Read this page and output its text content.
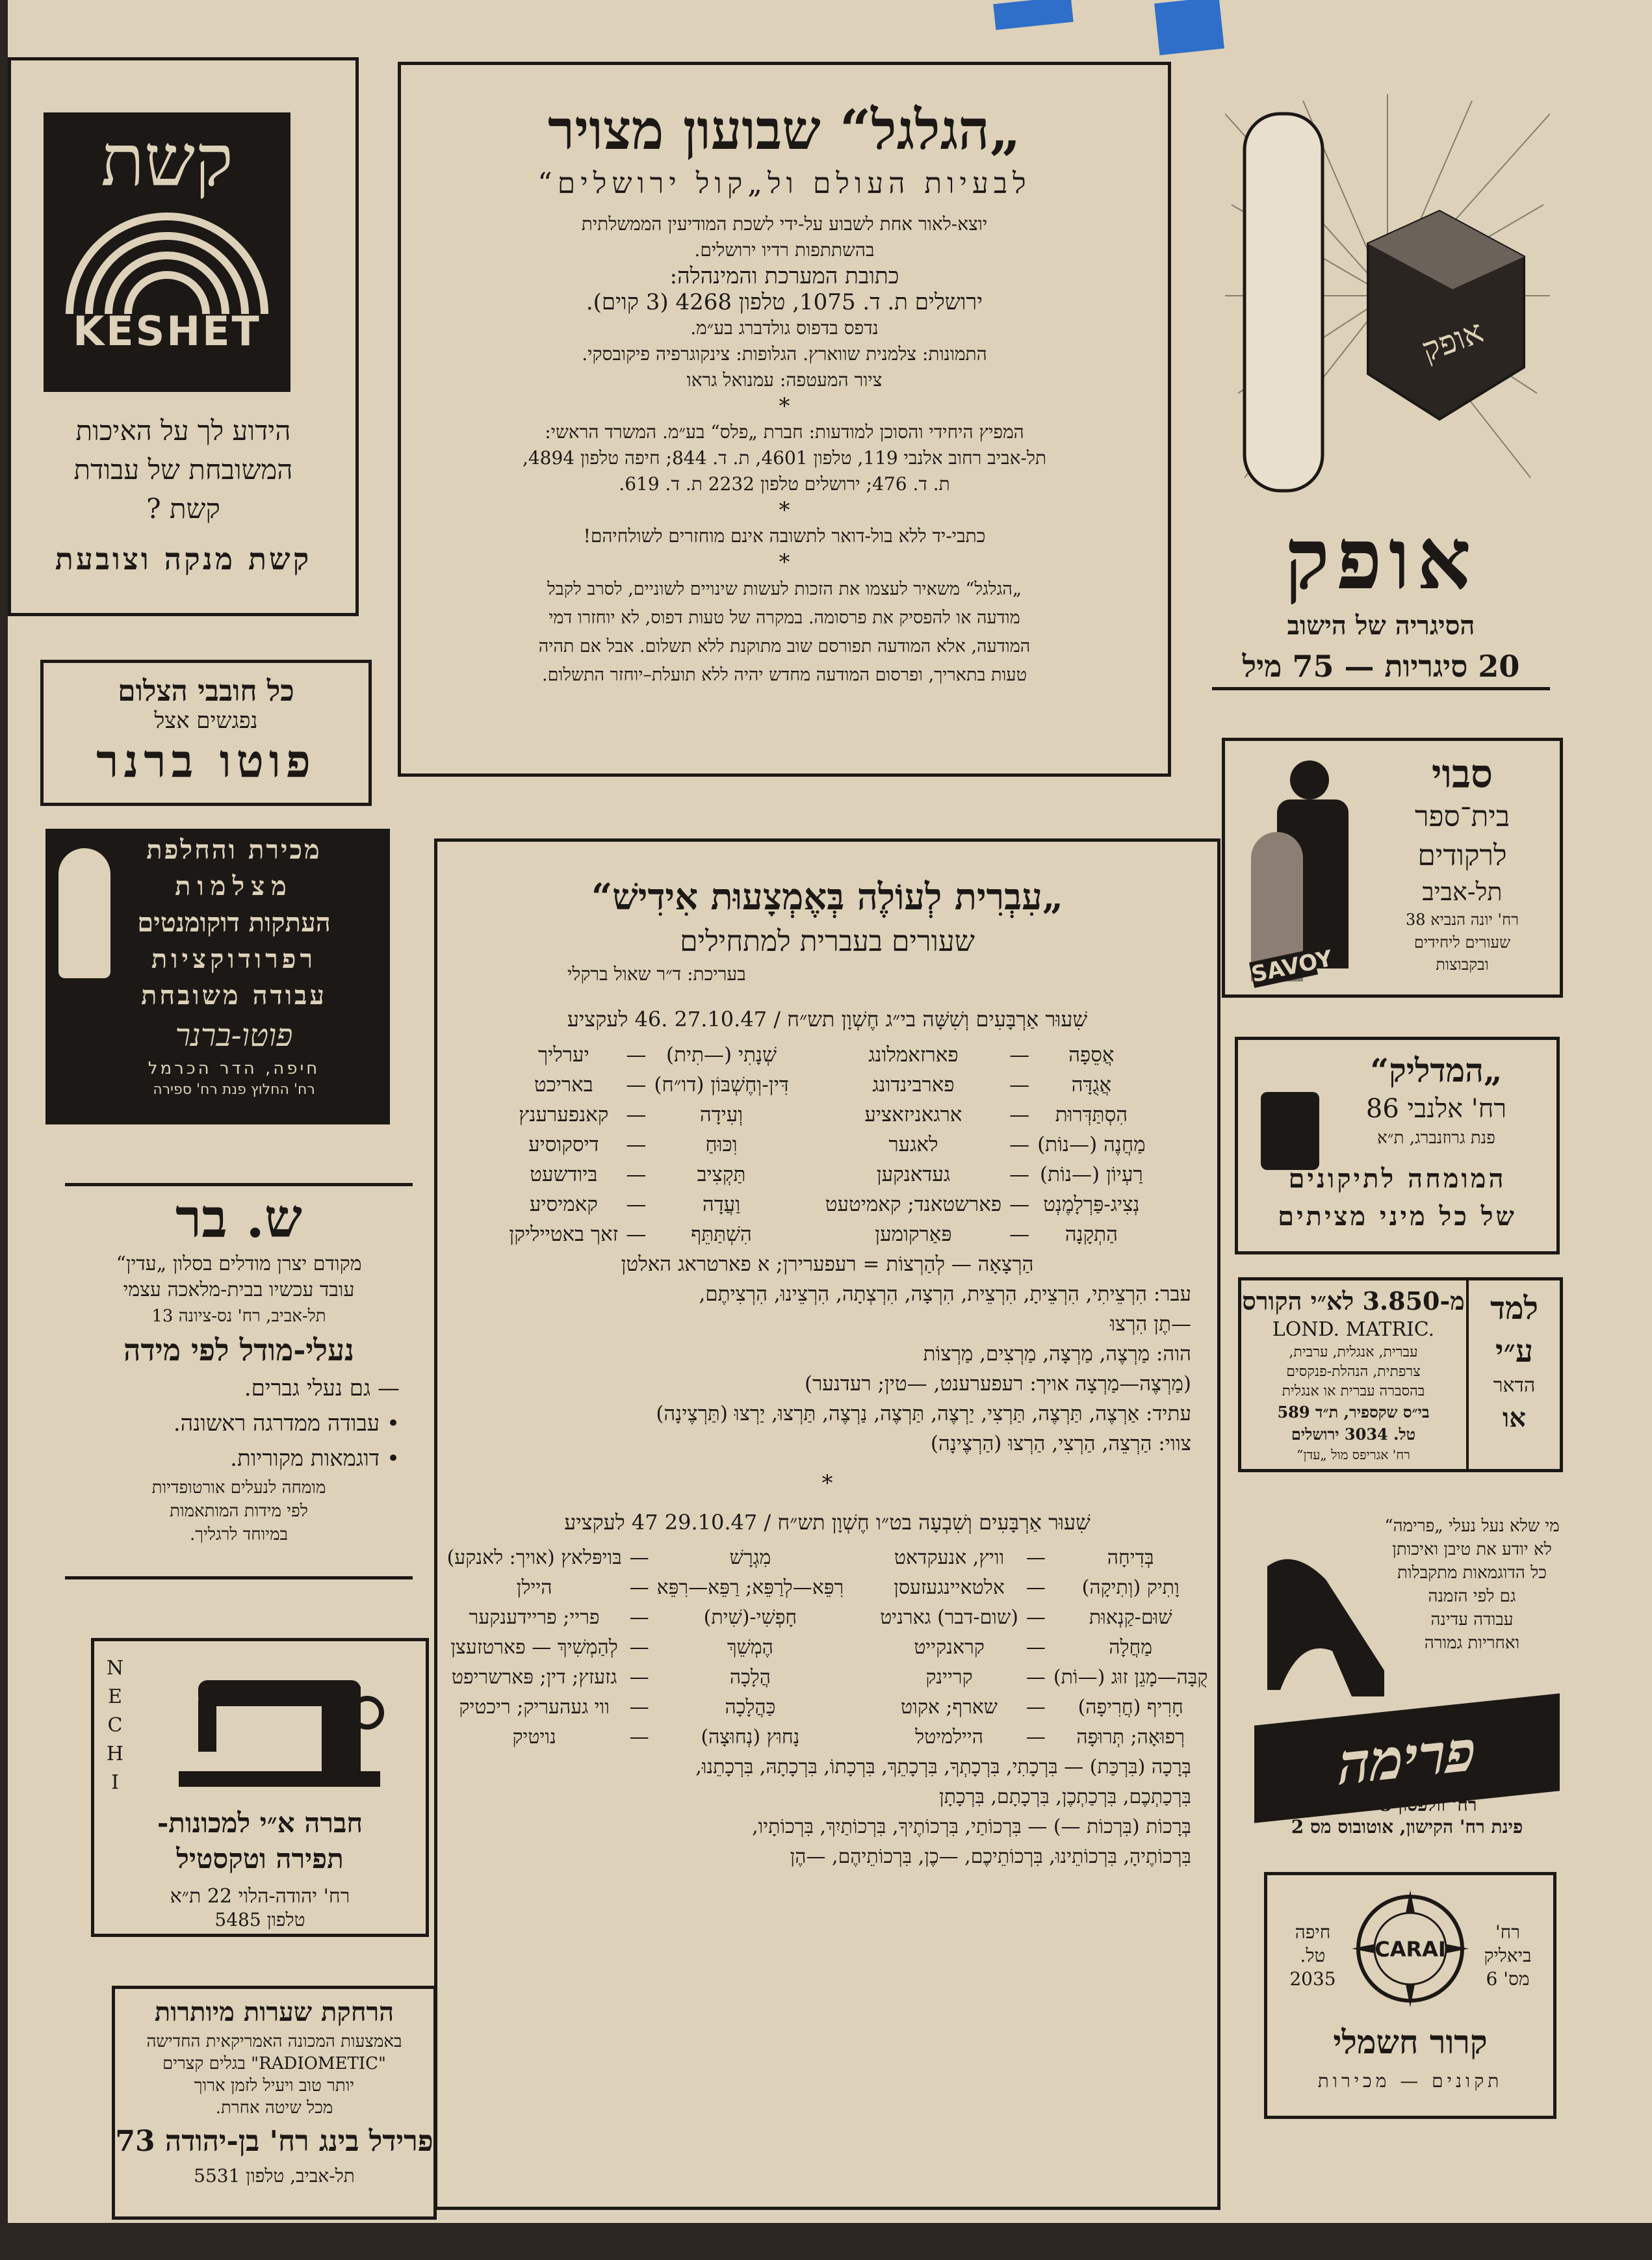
קשת
KESHET
הידוע לך על האיכות
המשובחת של עבודת
קשת ?
קשת מנקה וצובעת
כל חובבי הצלום
נפגשים אצל
פוטו ברנר
מכירת והחלפת
מצלמות
העתקות דוקומנטים
רפרודוקציות
עבודה משובחת
פוטו-ברנר
חיפה, הדר הכרמל
רח' החלוץ פנת רח' ספירה
ש. בר
מקודם יצרן מודלים בסלון „עדין“
עובד עכשיו בבית-מלאכה עצמי
תל-אביב, רח' נס-ציונה 13
נעלי-מודל לפי מידה
— גם נעלי גברים.
• עבודה ממדרגה ראשונה.
• דוגמאות מקוריות.
מומחה לנעלים אורטופדיות
לפי מידות המותאמות
במיוחד לרגליך.
N
E
C
H
I
חברה א״י למכונות-
תפירה וטקסטיל
רח' יהודה-הלוי 22 ת״א
טלפון 5485
הרחקת שערות מיותרות
באמצעות המכונה האמריקאית החדישה
"RADIOMETIC" בגלים קצרים
יותר טוב ויעיל לזמן ארוך
מכל שיטה אחרת.
פרידל בינג רח' בן-יהודה 73
תל-אביב, טלפון 5531
„הגלגל“ שבועון מצויר
לבעיות העולם ול„קול ירושלים“
יוצא-לאור אחת לשבוע על-ידי לשכת המודיעין הממשלתית
בהשתתפות רדיו ירושלים.
כתובת המערכת והמינהלה:
ירושלים ת. ד. 1075, טלפון 4268 (3 קוים).
נדפס בדפוס גולדברג בע״מ.
התמונות: צלמנית שווארץ. הגלופות: צינקוגרפיה פיקובסקי.
ציור המעטפה: עמנואל גראו
*
המפיץ היחידי והסוכן למודעות: חברת „פלס“ בע״מ. המשרד הראשי:
תל-אביב רחוב אלנבי 119, טלפון 4601, ת. ד. 844; חיפה טלפון 4894,
ת. ד. 476; ירושלים טלפון 2232 ת. ד. 619.
*
כתבי-יד ללא בול-דואר לתשובה אינם מוחזרים לשולחיהם!
*
„הגלגל“ משאיר לעצמו את הזכות לעשות שינויים לשוניים, לסרב לקבל
מודעה או להפסיק את פרסומה. במקרה של טעות דפוס, לא יוחזרו דמי
המודעה, אלא המודעה תפורסם שוב מתוקנת ללא תשלום. אבל אם תהיה
טעות בתאריך, ופרסום המודעה מחדש יהיה ללא תועלת–יוחזר התשלום.
„עִבְרִית לְעוֹלֶה בְּאֶמְצָעוּת אִידִישׁ“
שעורים בעברית למתחילים
בעריכת: ד״ר שאול ברקלי
שִׁעוּר אַרְבָּעִים וְשִׁשָּׁה בי״ג חֶשְׁוָן תש״ח / 27.10.47 .46 לעקציע
אֲסֵפָה	—	פארזאמלונג	שְׁנָתִי (—תִית)	—	יערליך
אֲגֻדָּה	—	פארבינדונג	דִּין-וְחֶשְׁבּוֹן (דו״ח)	—	באריכט
הִסְתַּדְּרוּת	—	ארגאניזאציע	וְעִידָה	—	קאנפערענץ
מַחֲנֶה (—נוֹת)	—	לאגער	וִכּוּחַ	—	דיסקוסיע
רַעְיוֹן (—נוֹת)	—	געדאנקען	תַּקְצִיב	—	בּיודשעט
נְצִיג-פַּרְלָמֶנְט	—	פארשטאנד; קאמיטעט	וַעֲדָה	—	קאמיסיע
הַתְקָנָה	—	פּאַרקומען	הִשְׁתַּתֵּף	—	זאך באטייליקן
הַרְצָאָה — לְהַרְצוֹת = רעפערירן; א פארטראג האלטן
עבר: הִרְצֵיתִי, הִרְצֵיתָ, הִרְצֵית, הִרְצָה, הִרְצְתָה, הִרְצֵינוּ, הִרְצִיתֶם,
—תֶן הִרְצוּ
הוה: מַרְצֶה, מַרְצָה, מַרְצִים, מַרְצוֹת
(מַרְצֶה—מַרְצָה אויך: רעפערענט, —טין; רעדנער)
עתיד: אַרְצֶה, תַּרְצֶה, תַּרְצִי, יַרְצֶה, תַּרְצֶה, נַרְצֶה, תַּרְצוּ, יַרְצוּ (תַּרְצֶינָה)
צווי: הַרְצֵה, הַרְצִי, הַרְצוּ (הַרְצֶינָה)
*
שִׁעוּר אַרְבָּעִים וְשִׁבְעָה בט״ו חֶשְׁוָן תש״ח / 29.10.47 47 לעקציע
בְּדִיחָה	—	וויץ, אנעקדאט	מִגְרָשׁ	—	בּויפּלאץ (אויך: לאנקע)
וָתִיק (וְתִיקָה)	—	אלטאיינגעזעסן	רִפֵּא—לְרַפֵּא; רַפֵּא—רִפֵּא	—	היילן
שׁוּם-קַנְאוּת	—	(שום-דבר) גארניט	חָפְשִׁי-(שִׁית)	—	פריי; פריידענקער
מַחֲלָה	—	קראנקייט	הֶמְשֵׁךְ	—	לְהַמְשִׁיךְ — פארטזעצן
קֻבָּה—מָגֵן זוּג (—וֹת)	—	קריינק	הֲלָכָה	—	גזעזץ; דין; פּארשריפט
חָרִיף (חֲרִיפָה)	—	שארף; אקוט	כַּהֲלָכָה	—	ווי געהעריק; ריכטיק
רְפוּאָה; תְּרוּפָה	—	היילמיטל	נָחוּץ (נְחוּצָה)	—	נויטיק
בְּרָכָה (בִּרְכַּת) — בִּרְכָתִי, בִּרְכָתְךָ, בִּרְכָתֵךְ, בִּרְכָתוֹ, בִּרְכָתָהּ, בִּרְכָתֵנוּ,
בִּרְכַתְכֶם, בִּרְכַתְכֶן, בִּרְכָתָם, בִּרְכָתָן
בְּרָכוֹת (בִּרְכוֹת —) — בִּרְכוֹתַי, בִּרְכוֹתֶיךָ, בִּרְכוֹתַיִךְ, בִּרְכוֹתָיו,
בִּרְכוֹתֶיהָ, בִּרְכוֹתֵינוּ, בִּרְכוֹתֵיכֶם, —כֶן, בִּרְכוֹתֵיהֶם, —הֶן
אופק
אופק
הסיגריה של הישוב
20 סיגריות — 75 מיל
SAVOY
סבוי
בית־ספר
לרקודים
תל-אביב
רח' יונה הנביא 38
שעורים ליחידים
ובקבוצות
„המדליק“
רח' אלנבי 86
פנת גרוזנברג, ת״א
המומחה לתיקונים
של כל מיני מציתים
למד
ע״י
הדאר
או
מ-3.850 לא״י הקורס
LOND. MATRIC.
עברית, אנגלית, ערבית,
צרפתית, הנהלת-פנקסים
בהסברה עברית או אנגלית
בי״ס שקספיר, ת״ד 589
טל. 3034 ירושלים
רח' אגריפס מול „עדן“
מי שלא נעל נעלי „פרימה“
לא יודע את טיבן ואיכותן
כל הדוגמאות מתקבלות
גם לפי הזמנה
עבודה עדינה
ואחריות גמורה
פרימה
רח' וולפסון 8 ת.א.
פינת רח' הקישון, אוטובוס מס 2
רח'
ביאליק
מס' 6
חיפה
טל.
2035
CARAI
קרור חשמלי
תקונים — מכירות
